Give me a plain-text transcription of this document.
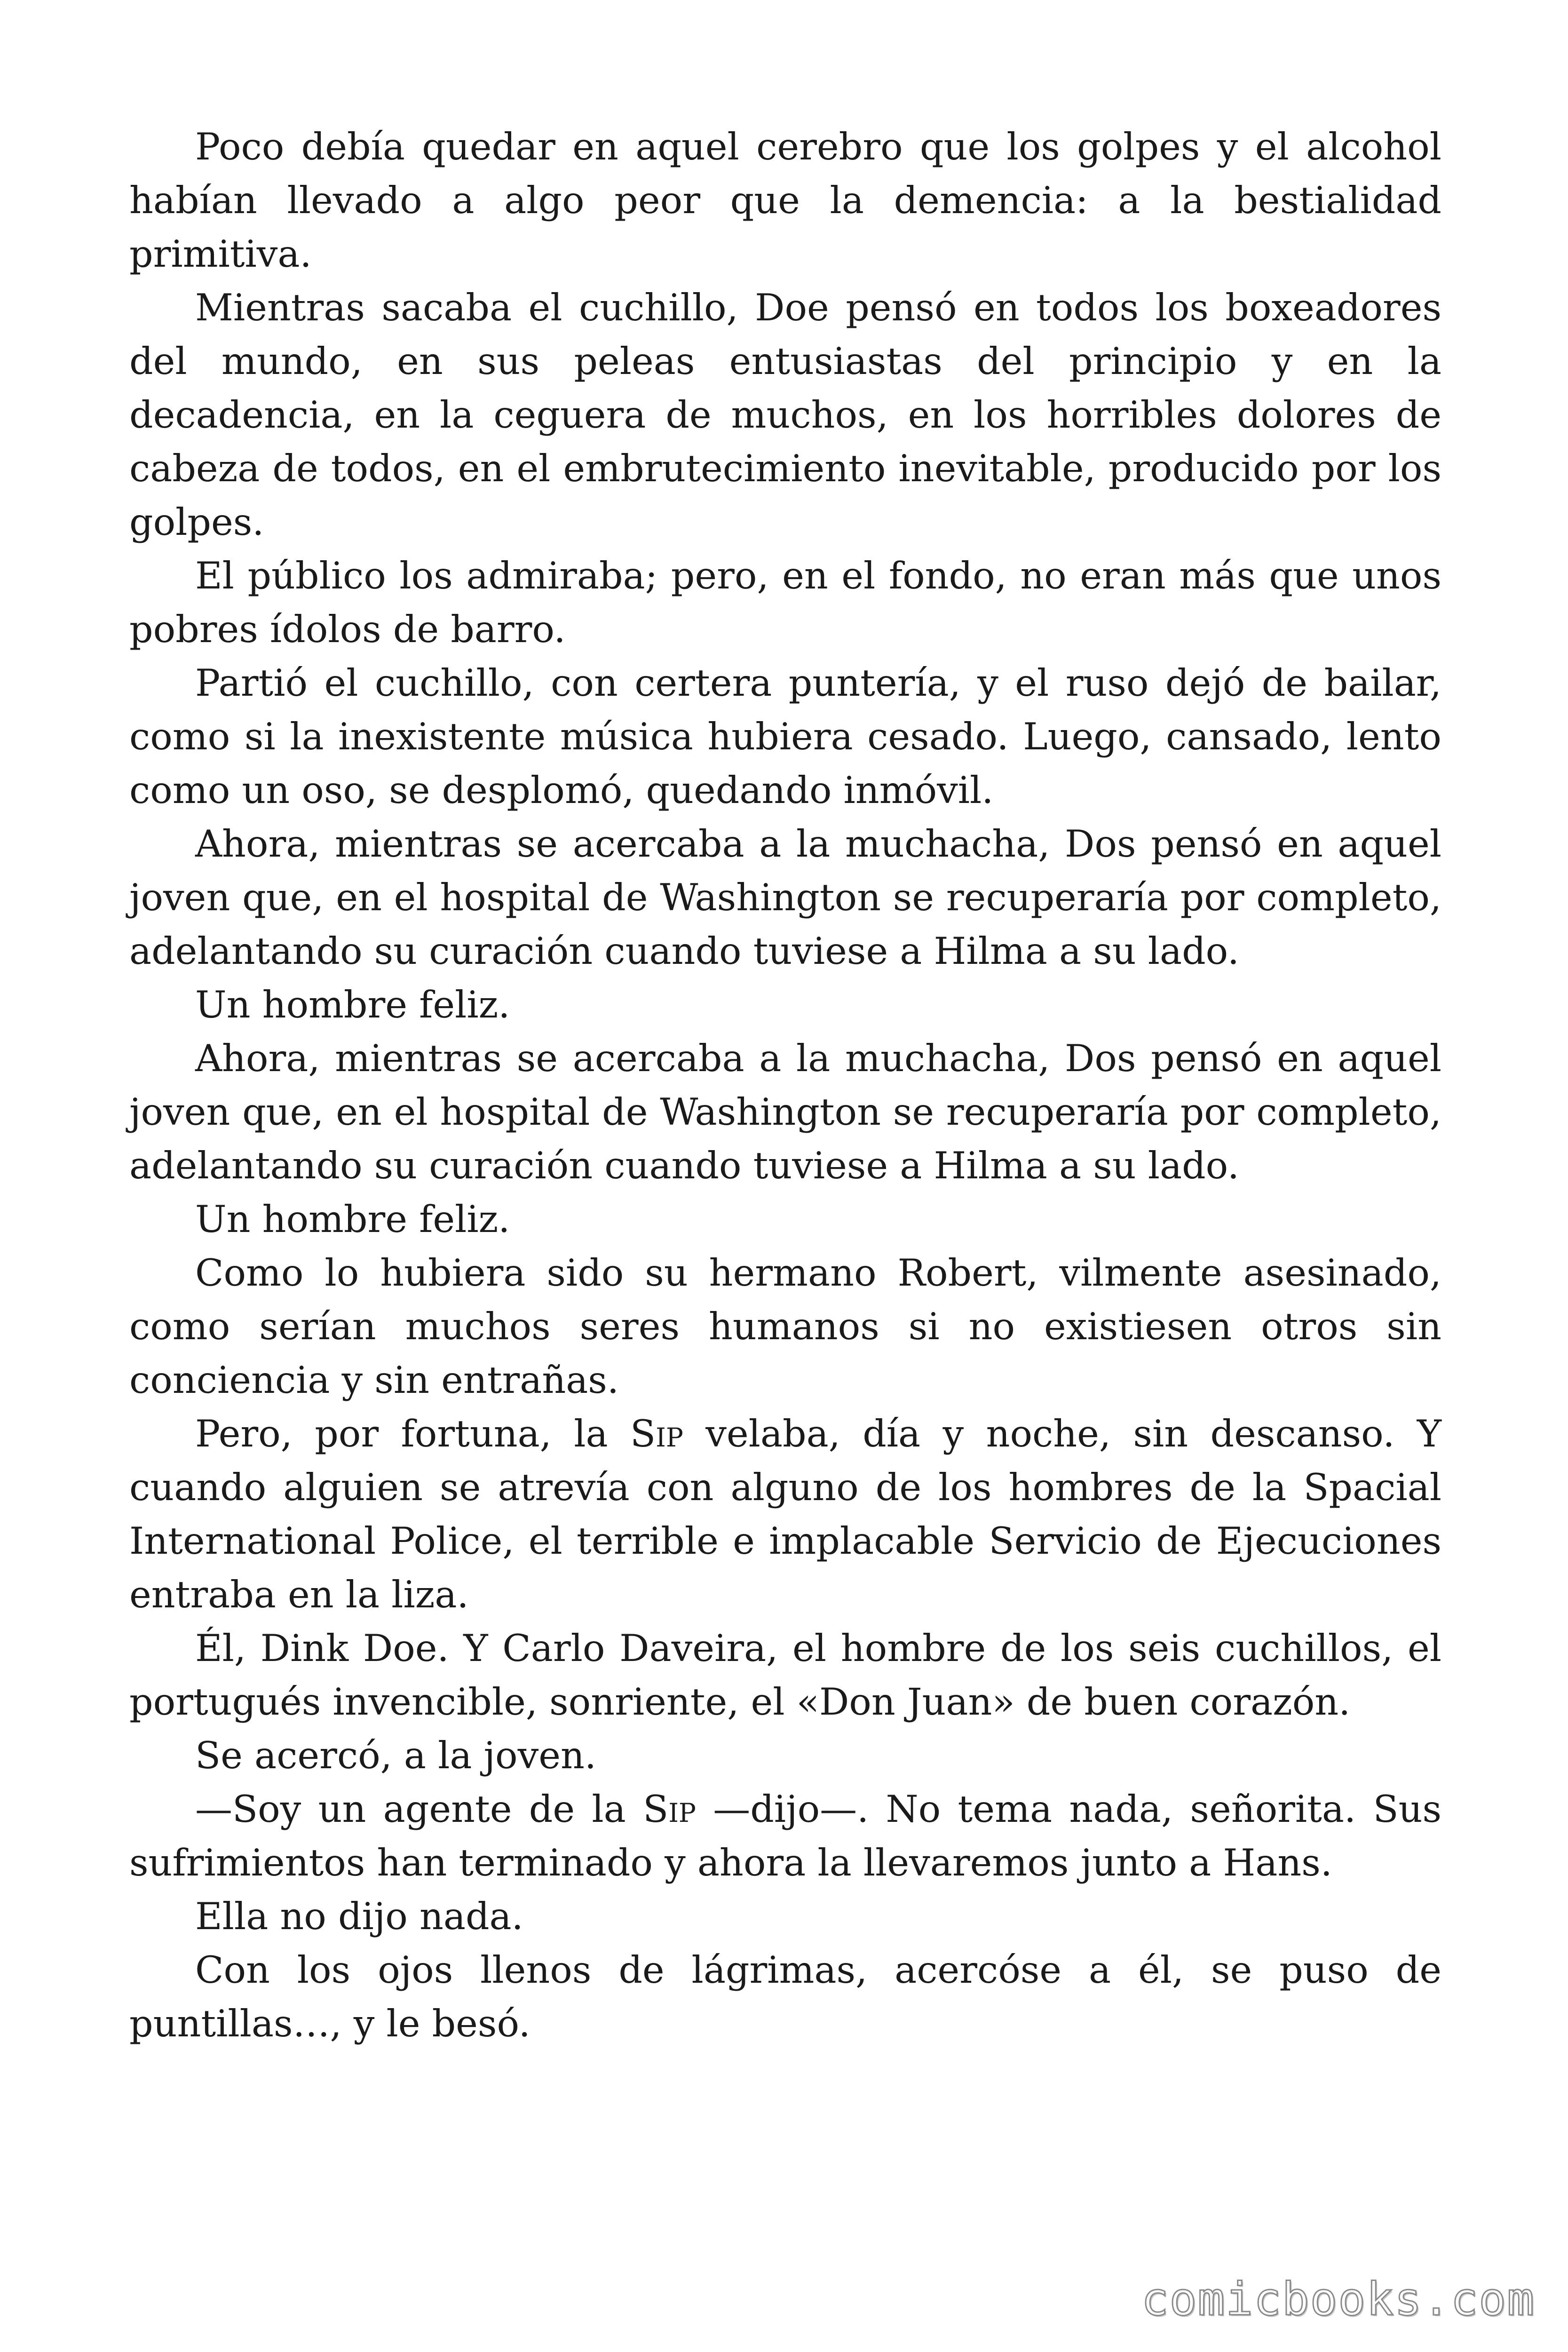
Poco debía quedar en aquel cerebro que los golpes y el alcohol habían llevado a algo peor que la demencia: a la bestialidad primitiva.

Mientras sacaba el cuchillo, Doe pensó en todos los boxeadores del mundo, en sus peleas entusiastas del principio y en la decadencia, en la ceguera de muchos, en los horribles dolores de cabeza de todos, en el embrutecimiento inevitable, producido por los golpes.

El público los admiraba; pero, en el fondo, no eran más que unos pobres ídolos de barro.

Partió el cuchillo, con certera puntería, y el ruso dejó de bailar, como si la inexistente música hubiera cesado. Luego, cansado, lento como un oso, se desplomó, quedando inmóvil.

Ahora, mientras se acercaba a la muchacha, Dos pensó en aquel joven que, en el hospital de Washington se recuperaría por completo, adelantando su curación cuando tuviese a Hilma a su lado.

Un hombre feliz.

Ahora, mientras se acercaba a la muchacha, Dos pensó en aquel joven que, en el hospital de Washington se recuperaría por completo, adelantando su curación cuando tuviese a Hilma a su lado.

Un hombre feliz.

Como lo hubiera sido su hermano Robert, vilmente asesinado, como serían muchos seres humanos si no existiesen otros sin conciencia y sin entrañas.

Pero, por fortuna, la Sip velaba, día y noche, sin descanso. Y cuando alguien se atrevía con alguno de los hombres de la Spacial International Police, el terrible e implacable Servicio de Ejecuciones entraba en la liza.

Él, Dink Doe. Y Carlo Daveira, el hombre de los seis cuchillos, el portugués invencible, sonriente, el «Don Juan» de buen corazón.

Se acercó, a la joven.

—Soy un agente de la Sip —dijo—. No tema nada, señorita. Sus sufrimientos han terminado y ahora la llevaremos junto a Hans.

Ella no dijo nada.

Con los ojos llenos de lágrimas, acercóse a él, se puso de puntillas…, y le besó.

comicbooks.com
